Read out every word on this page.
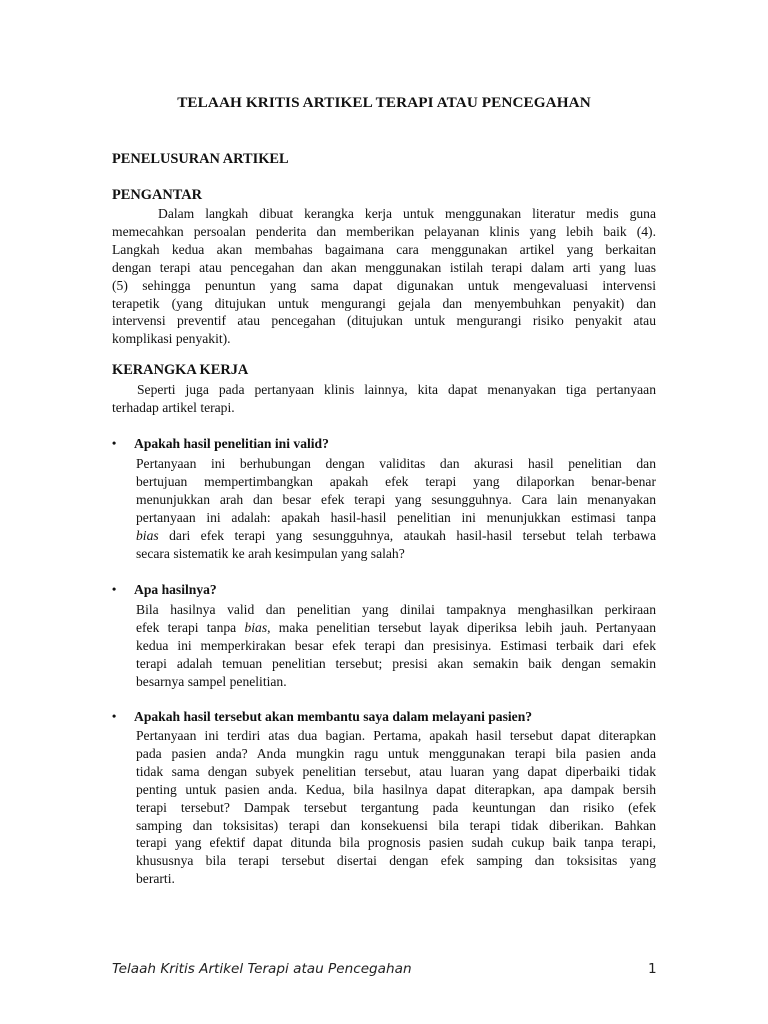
TELAAH KRITIS ARTIKEL TERAPI ATAU PENCEGAHAN
PENELUSURAN ARTIKEL
PENGANTAR
Dalam langkah dibuat kerangka kerja untuk menggunakan literatur medis guna
memecahkan persoalan penderita dan memberikan pelayanan klinis yang lebih baik (4).
Langkah kedua akan membahas bagaimana cara menggunakan artikel yang berkaitan
dengan terapi atau pencegahan dan akan menggunakan istilah terapi dalam arti yang luas
(5) sehingga penuntun yang sama dapat digunakan untuk mengevaluasi intervensi
terapetik (yang ditujukan untuk mengurangi gejala dan menyembuhkan penyakit) dan
intervensi preventif atau pencegahan (ditujukan untuk mengurangi risiko penyakit atau
komplikasi penyakit).
KERANGKA KERJA
Seperti juga pada pertanyaan klinis lainnya, kita dapat menanyakan tiga pertanyaan
terhadap artikel terapi.
• Apakah hasil penelitian ini valid?
Pertanyaan ini berhubungan dengan validitas dan akurasi hasil penelitian dan
bertujuan mempertimbangkan apakah efek terapi yang dilaporkan benar-benar
menunjukkan arah dan besar efek terapi yang sesungguhnya. Cara lain menanyakan
pertanyaan ini adalah: apakah hasil-hasil penelitian ini menunjukkan estimasi tanpa
bias dari efek terapi yang sesungguhnya, ataukah hasil-hasil tersebut telah terbawa
secara sistematik ke arah kesimpulan yang salah?
• Apa hasilnya?
Bila hasilnya valid dan penelitian yang dinilai tampaknya menghasilkan perkiraan
efek terapi tanpa bias, maka penelitian tersebut layak diperiksa lebih jauh. Pertanyaan
kedua ini memperkirakan besar efek terapi dan presisinya. Estimasi terbaik dari efek
terapi adalah temuan penelitian tersebut; presisi akan semakin baik dengan semakin
besarnya sampel penelitian.
• Apakah hasil tersebut akan membantu saya dalam melayani pasien?
Pertanyaan ini terdiri atas dua bagian. Pertama, apakah hasil tersebut dapat diterapkan
pada pasien anda? Anda mungkin ragu untuk menggunakan terapi bila pasien anda
tidak sama dengan subyek penelitian tersebut, atau luaran yang dapat diperbaiki tidak
penting untuk pasien anda. Kedua, bila hasilnya dapat diterapkan, apa dampak bersih
terapi tersebut? Dampak tersebut tergantung pada keuntungan dan risiko (efek
samping dan toksisitas) terapi dan konsekuensi bila terapi tidak diberikan. Bahkan
terapi yang efektif dapat ditunda bila prognosis pasien sudah cukup baik tanpa terapi,
khususnya bila terapi tersebut disertai dengan efek samping dan toksisitas yang
berarti.
Telaah Kritis Artikel Terapi atau Pencegahan	1
